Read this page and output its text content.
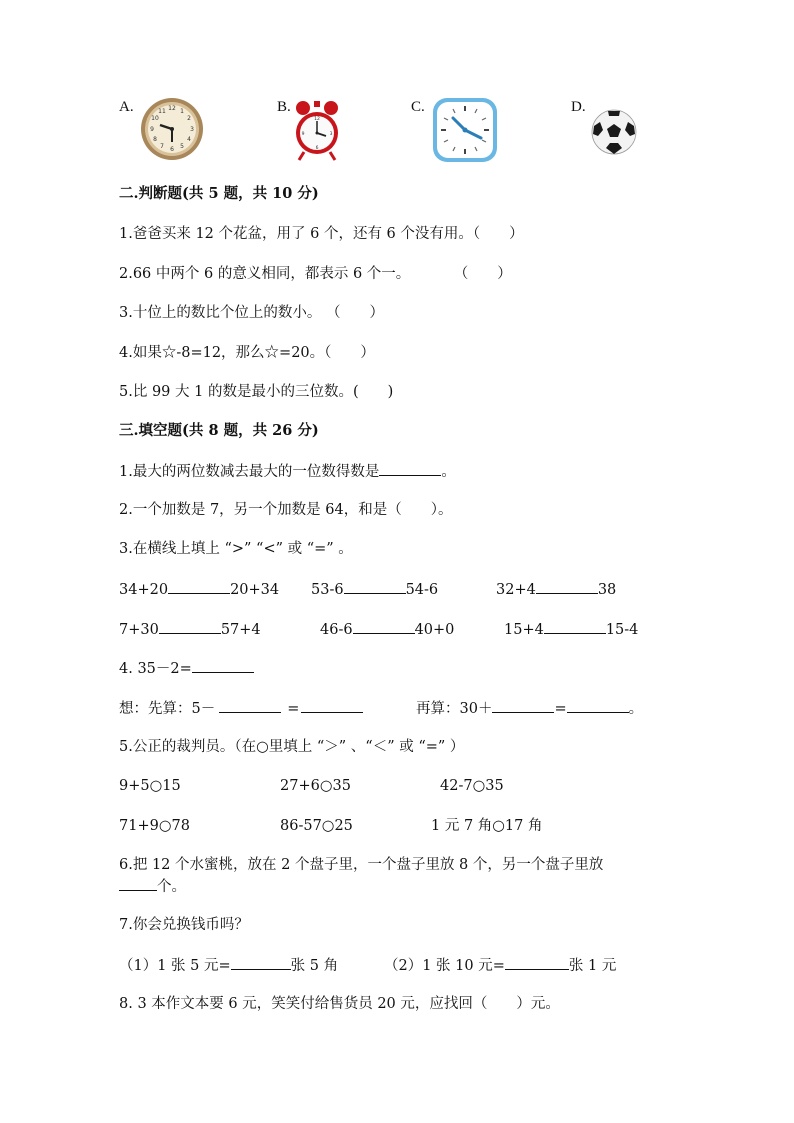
A.	12 1
2
3
4
5
6
7
8
9
10
11	B.
12
3
6
9
C.	D.
二.判断题(共 5 题，共 10 分)
1.爸爸买来 12 个花盆，用了 6 个，还有 6 个没有用。（　　）
2.66 中两个 6 的意义相同，都表示 6 个一。　　　　（　　）
3.十位上的数比个位上的数小。 （　　）
4.如果☆-8=12，那么☆=20。（　　）
5.比 99 大 1 的数是最小的三位数。(　　)
三.填空题(共 8 题，共 26 分)
1.最大的两位数减去最大的一位数得数是	。
2.一个加数是 7，另一个加数是 64，和是（　　）。
3.在横线上填上 “>” “<” 或 “=” 。
34+20	20+34 53-6	54-6	32+4	38
7+30	57+4	46-6	40+0	15+4	15-4
4. 35－2=
想：先算：5－	=	再算：30＋	=	。
5.公正的裁判员。（在○里填上 “＞” 、“＜” 或 “=” ）
9+5○15	27+6○35	42-7○35
71+9○78	86-57○25	1 元 7 角○17 角
6.把 12 个水蜜桃，放在 2 个盘子里，一个盘子里放 8 个，另一个盘子里放
个。
7.你会兑换钱币吗？
（1）1 张 5 元=	张 5 角	（2）1 张 10 元=	张 1 元
8. 3 本作文本要 6 元，笑笑付给售货员 20 元，应找回（　　）元。
